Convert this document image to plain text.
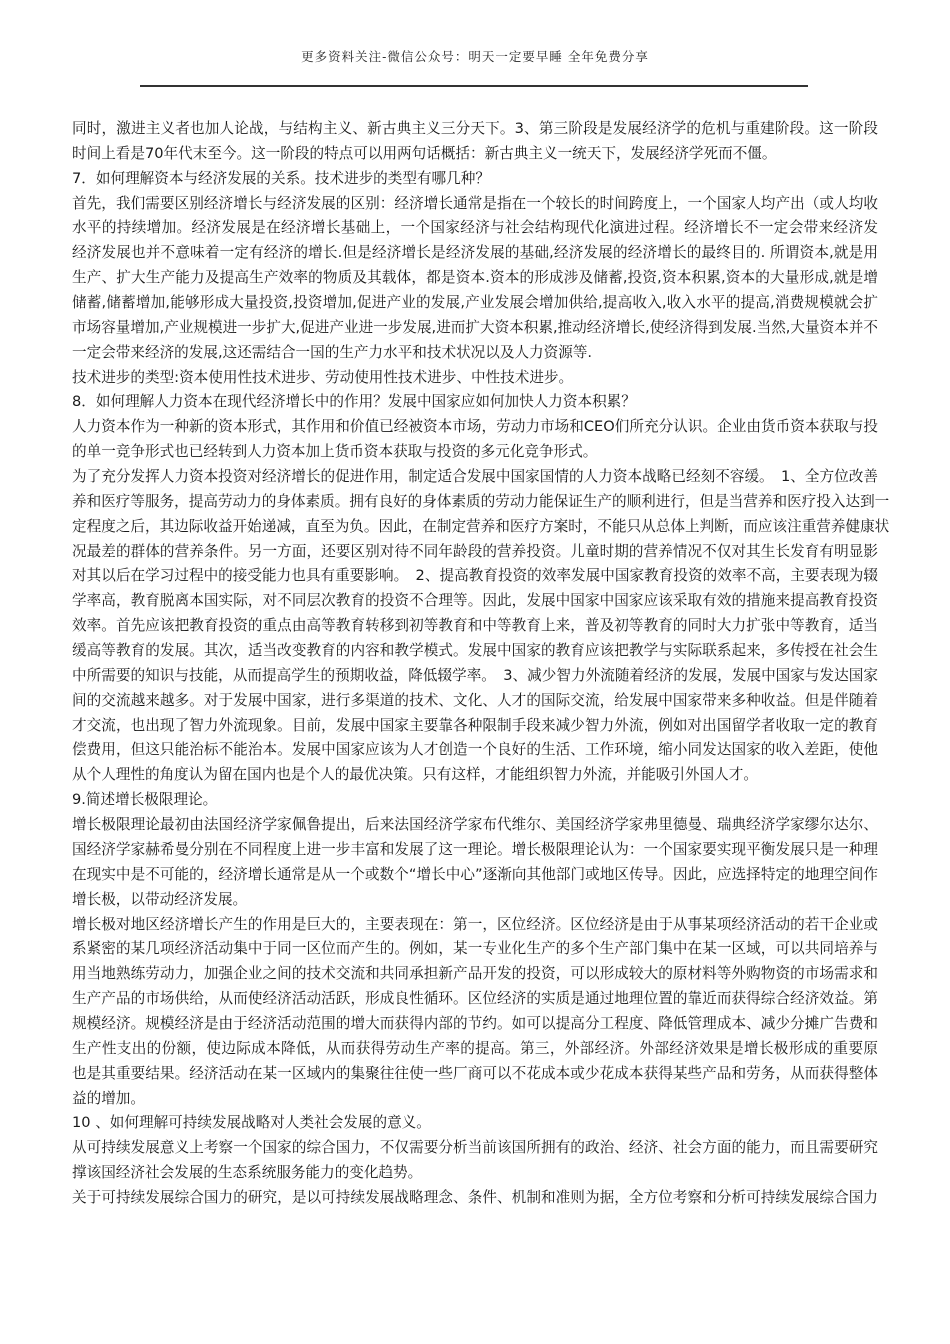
更多资料关注-微信公众号：明天一定要早睡 全年免费分享
同时，激进主义者也加人论战，与结构主义、新古典主义三分天下。3、第三阶段是发展经济学的危机与重建阶段。这一阶段
时间上看是70年代末至今。这一阶段的特点可以用两句话概括：新古典主义一统天下，发展经济学死而不僵。
7．如何理解资本与经济发展的关系。技术进步的类型有哪几种？
首先，我们需要区别经济增长与经济发展的区别：经济增长通常是指在一个较长的时间跨度上，一个国家人均产出（或人均收
水平的持续增加。经济发展是在经济增长基础上，一个国家经济与社会结构现代化演进过程。经济增长不一定会带来经济发
经济发展也并不意味着一定有经济的增长.但是经济增长是经济发展的基础,经济发展的经济增长的最终目的. 所谓资本,就是用
生产、扩大生产能力及提高生产效率的物质及其载体，都是资本.资本的形成涉及储蓄,投资,资本积累,资本的大量形成,就是增
储蓄,储蓄增加,能够形成大量投资,投资增加,促进产业的发展,产业发展会增加供给,提高收入,收入水平的提高,消费规模就会扩
市场容量增加,产业规模进一步扩大,促进产业进一步发展,进而扩大资本积累,推动经济增长,使经济得到发展.当然,大量资本并不
一定会带来经济的发展,这还需结合一国的生产力水平和技术状况以及人力资源等.
技术进步的类型:资本使用性技术进步、劳动使用性技术进步、中性技术进步。
8．如何理解人力资本在现代经济增长中的作用？发展中国家应如何加快人力资本积累？
人力资本作为一种新的资本形式，其作用和价值已经被资本市场，劳动力市场和CEO们所充分认识。企业由货币资本获取与投
的单一竞争形式也已经转到人力资本加上货币资本获取与投资的多元化竞争形式。
为了充分发挥人力资本投资对经济增长的促进作用，制定适合发展中国家国情的人力资本战略已经刻不容缓。　1、全方位改善
养和医疗等服务，提高劳动力的身体素质。拥有良好的身体素质的劳动力能保证生产的顺利进行，但是当营养和医疗投入达到一
定程度之后，其边际收益开始递减，直至为负。因此，在制定营养和医疗方案时，不能只从总体上判断，而应该注重营养健康状
况最差的群体的营养条件。另一方面，还要区别对待不同年龄段的营养投资。儿童时期的营养情况不仅对其生长发育有明显影
对其以后在学习过程中的接受能力也具有重要影响。　2、提高教育投资的效率发展中国家教育投资的效率不高，主要表现为辍
学率高，教育脱离本国实际，对不同层次教育的投资不合理等。因此，发展中国家中国家应该采取有效的措施来提高教育投资
效率。首先应该把教育投资的重点由高等教育转移到初等教育和中等教育上来，普及初等教育的同时大力扩张中等教育，适当
缓高等教育的发展。其次，适当改变教育的内容和教学模式。发展中国家的教育应该把教学与实际联系起来，多传授在社会生
中所需要的知识与技能，从而提高学生的预期收益，降低辍学率。　3、减少智力外流随着经济的发展，发展中国家与发达国家
间的交流越来越多。对于发展中国家，进行多渠道的技术、文化、人才的国际交流，给发展中国家带来多种收益。但是伴随着
才交流，也出现了智力外流现象。目前，发展中国家主要靠各种限制手段来减少智力外流，例如对出国留学者收取一定的教育
偿费用，但这只能治标不能治本。发展中国家应该为人才创造一个良好的生活、工作环境，缩小同发达国家的收入差距，使他
从个人理性的角度认为留在国内也是个人的最优决策。只有这样，才能组织智力外流，并能吸引外国人才。
9.简述增长极限理论。
增长极限理论最初由法国经济学家佩鲁提出，后来法国经济学家布代维尔、美国经济学家弗里德曼、瑞典经济学家缪尔达尔、
国经济学家赫希曼分别在不同程度上进一步丰富和发展了这一理论。增长极限理论认为：一个国家要实现平衡发展只是一种理
在现实中是不可能的，经济增长通常是从一个或数个“增长中心”逐渐向其他部门或地区传导。因此，应选择特定的地理空间作
增长极，以带动经济发展。
增长极对地区经济增长产生的作用是巨大的，主要表现在：第一，区位经济。区位经济是由于从事某项经济活动的若干企业或
系紧密的某几项经济活动集中于同一区位而产生的。例如，某一专业化生产的多个生产部门集中在某一区域，可以共同培养与
用当地熟练劳动力，加强企业之间的技术交流和共同承担新产品开发的投资，可以形成较大的原材料等外购物资的市场需求和
生产产品的市场供给，从而使经济活动活跃，形成良性循环。区位经济的实质是通过地理位置的靠近而获得综合经济效益。第
规模经济。规模经济是由于经济活动范围的增大而获得内部的节约。如可以提高分工程度、降低管理成本、减少分摊广告费和
生产性支出的份额，使边际成本降低，从而获得劳动生产率的提高。第三，外部经济。外部经济效果是增长极形成的重要原
也是其重要结果。经济活动在某一区域内的集聚往往使一些厂商可以不花成本或少花成本获得某些产品和劳务，从而获得整体
益的增加。
10 、如何理解可持续发展战略对人类社会发展的意义。
从可持续发展意义上考察一个国家的综合国力，不仅需要分析当前该国所拥有的政治、经济、社会方面的能力，而且需要研究
撑该国经济社会发展的生态系统服务能力的变化趋势。
关于可持续发展综合国力的研究，是以可持续发展战略理念、条件、机制和准则为据，全方位考察和分析可持续发展综合国力
